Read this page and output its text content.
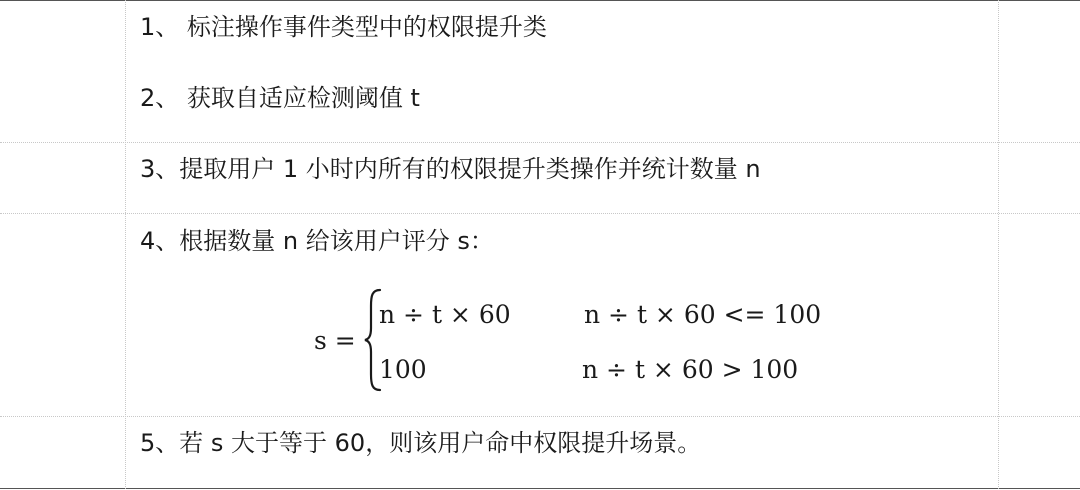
1、 标注操作事件类型中的权限提升类
2、 获取自适应检测阈值 t
3、提取用户 1 小时内所有的权限提升类操作并统计数量 n
4、根据数量 n 给该用户评分 s：
s =
n ÷ t × 60	n ÷ t × 60 <= 100
100	n ÷ t × 60 > 100
5、若 s 大于等于 60，则该用户命中权限提升场景。
